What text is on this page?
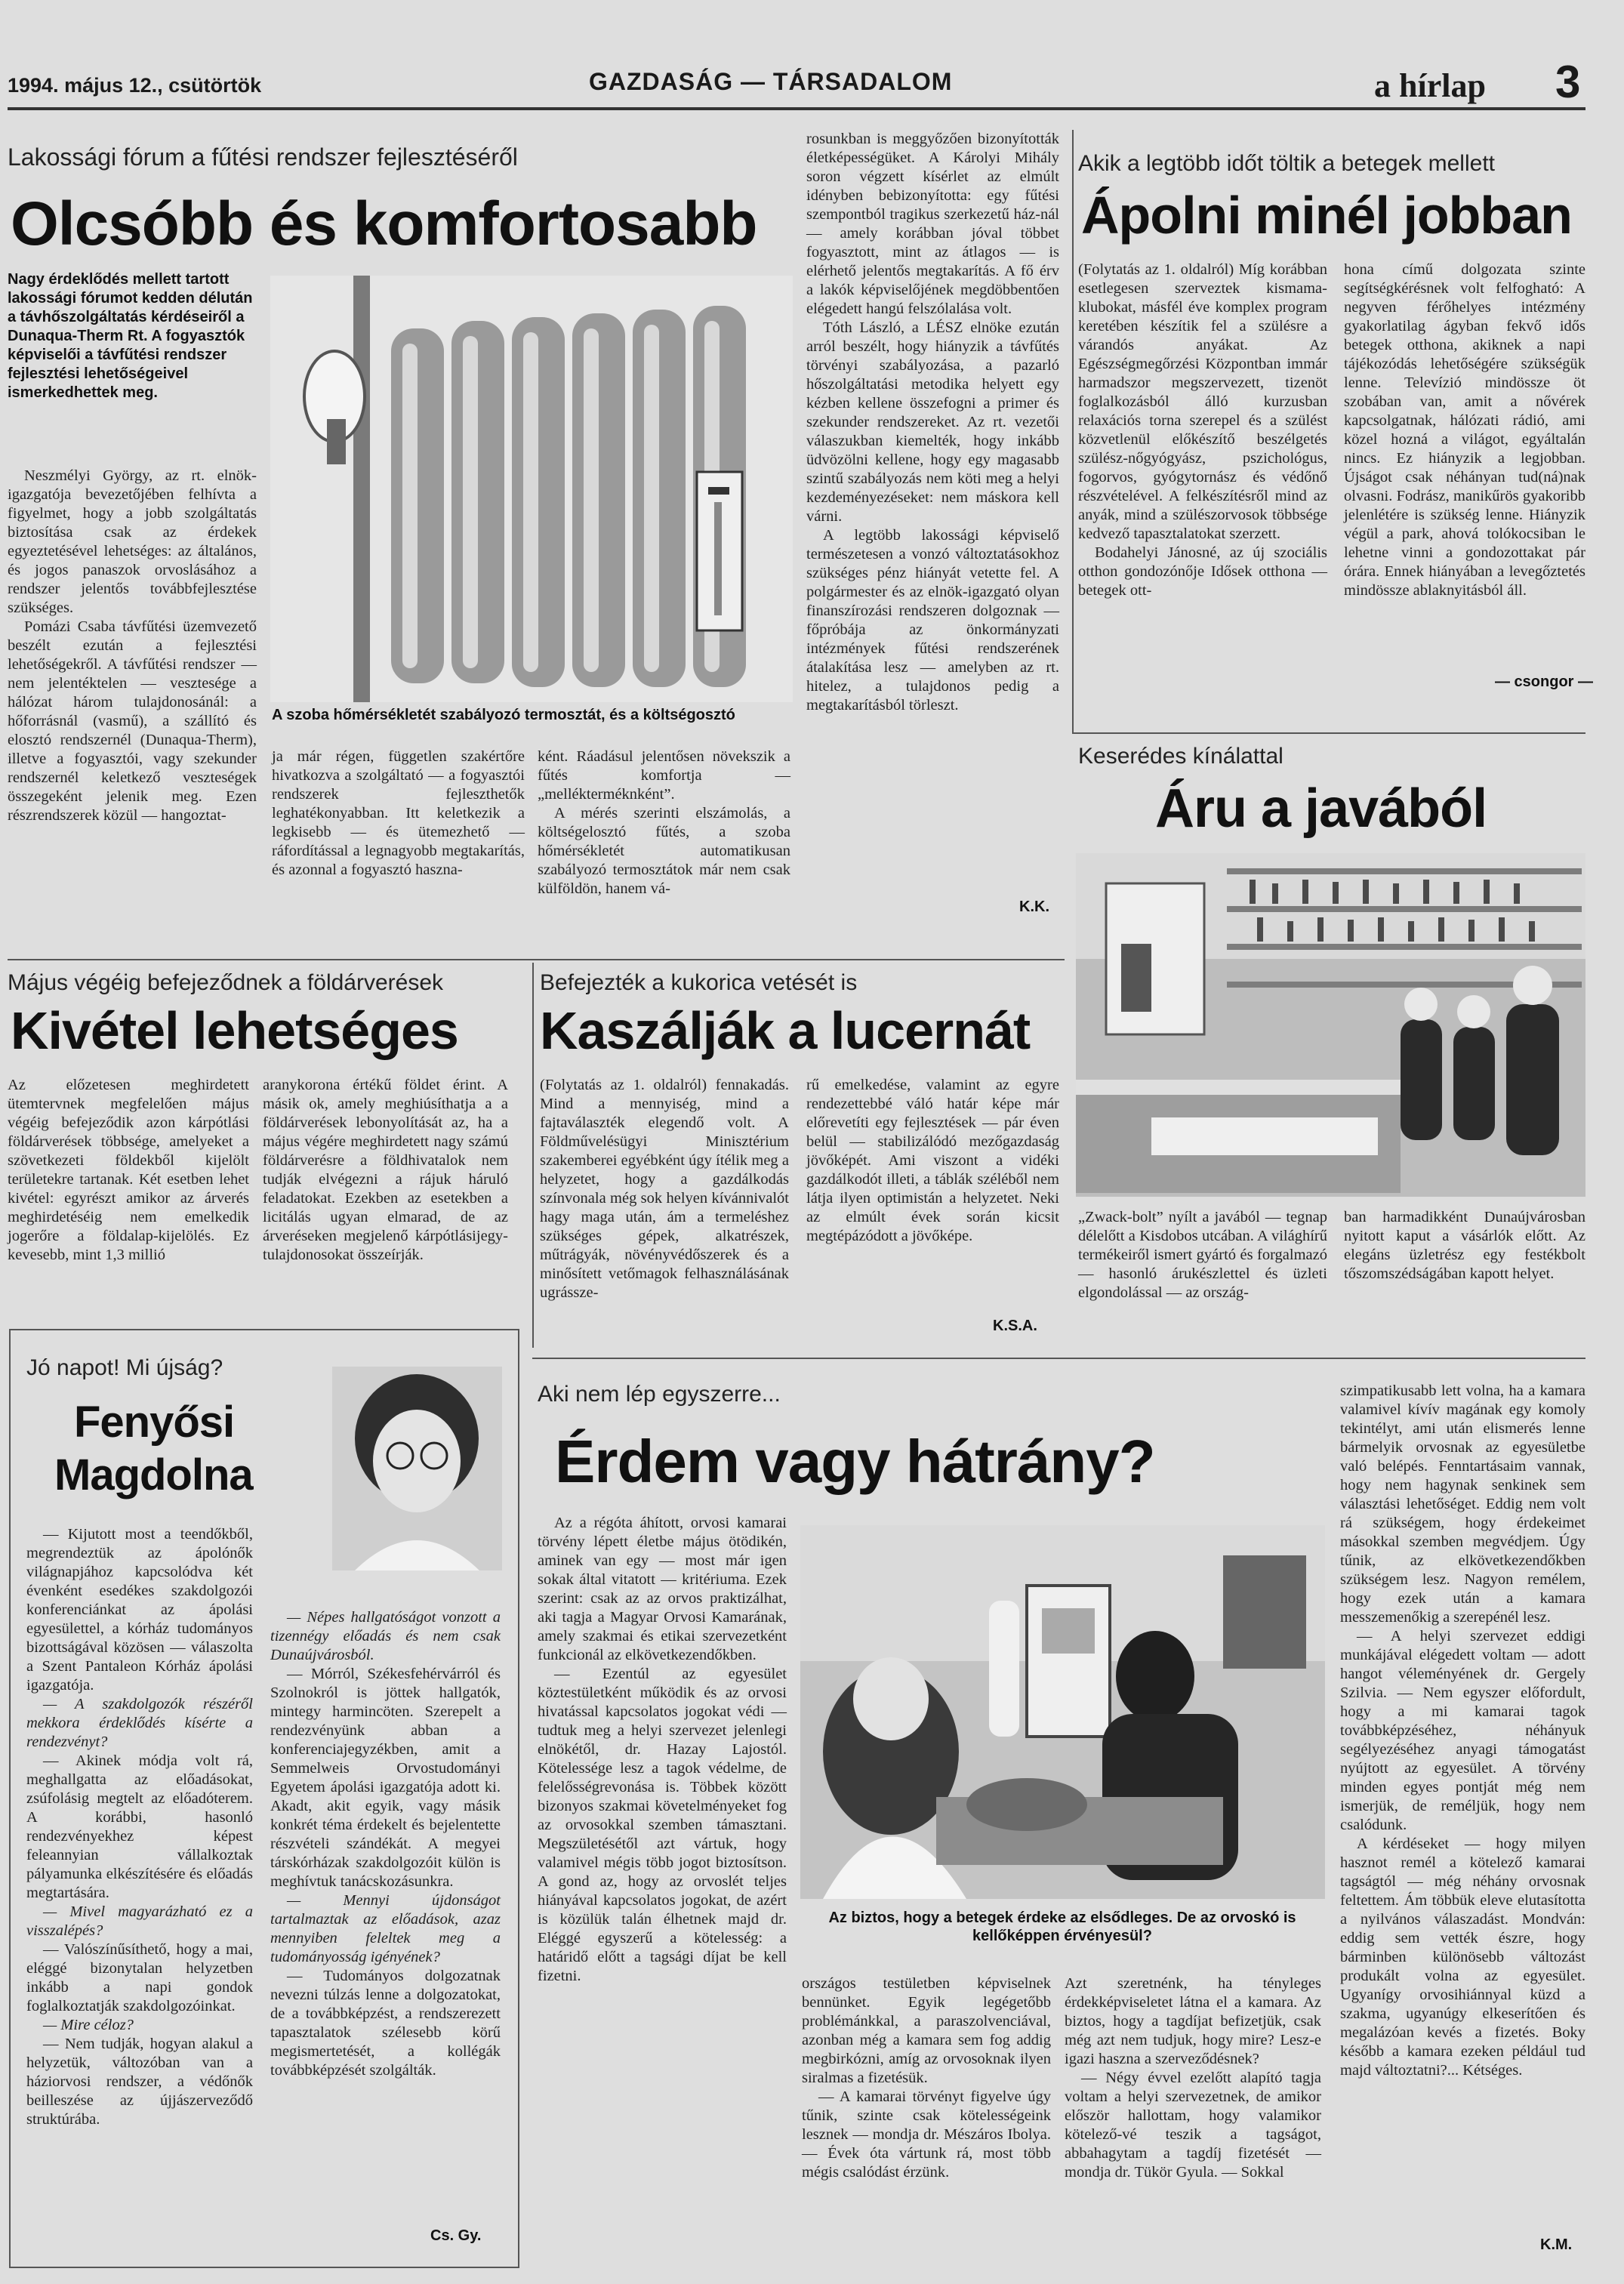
1994. május 12., csütörtök	GAZDASÁG — TÁRSADALOM	a hírlap 3
Lakossági fórum a fűtési rendszer fejlesztéséről
Olcsóbb és komfortosabb
Nagy érdeklődés mellett tartott lakossági fórumot kedden délután a távhőszolgáltatás kérdéseiről a Dunaqua-Therm Rt. A fogyasztók képviselői a távfűtési rendszer fejlesztési lehetőségeivel ismerkedhettek meg.
A szoba hőmérsékletét szabályozó termosztát, és a költségosztó

Neszmélyi György, az rt. elnök-igazgatója bevezetőjében felhívta a figyelmet, hogy a jobb szolgáltatás biztosítása csak az érdekek egyeztetésével lehetséges: az általános, és jogos panaszok orvoslásához a rendszer jelentős továbbfejlesztése szükséges.

Pomázi Csaba távfűtési üzemvezető beszélt ezután a fejlesztési lehetőségekről. A távfűtési rendszer — nem jelentéktelen — vesztesége a hálózat három tulajdonosánál: a hőforrásnál (vasmű), a szállító és elosztó rendszernél (Dunaqua-Therm), illetve a fogyasztói, vagy szekunder rendszernél keletkező veszteségek összegeként jelenik meg. Ezen részrendszerek közül — hangoztat-

ja már régen, független szakértőre hivatkozva a szolgáltató — a fogyasztói rendszerek fejleszthetők leghatékonyabban. Itt keletkezik a legkisebb — és ütemezhető — ráfordítással a legnagyobb megtakarítás, és azonnal a fogyasztó haszna-

ként. Ráadásul jelentősen növekszik a fűtés komfortja — „mellékterméknként”.

A mérés szerinti elszámolás, a költségelosztó fűtés, a szoba hőmérsékletét automatikusan szabályozó termosztátok már nem csak külföldön, hanem vá-

rosunkban is meggyőzően bizonyították életképességüket. A Károlyi Mihály soron végzett kísérlet az elmúlt idényben bebizonyította: egy fűtési szempontból tragikus szerkezetű ház-nál — amely korábban jóval többet fogyasztott, mint az átlagos — is elérhető jelentős megtakarítás. A fő érv a lakók képviselőjének megdöbbentően elégedett hangú felszólalása volt.

Tóth László, a LÉSZ elnöke ezután arról beszélt, hogy hiányzik a távfűtés törvényi szabályozása, a pazarló hőszolgáltatási metodika helyett egy kézben kellene összefogni a primer és szekunder rendszereket. Az rt. vezetői válaszukban kiemelték, hogy inkább üdvözölni kellene, hogy egy magasabb szintű szabályozás nem köti meg a helyi kezdeményezéseket: nem máskora kell várni.

A legtöbb lakossági képviselő természetesen a vonzó változtatásokhoz szükséges pénz hiányát vetette fel. A polgármester és az elnök-igazgató olyan finanszírozási rendszeren dolgoznak — főpróbája az önkormányzati intézmények fűtési rendszerének átalakítása lesz — amelyben az rt. hitelez, a tulajdonos pedig a megtakarításból törleszt.

K.K.
Akik a legtöbb időt töltik a betegek mellett
Ápolni minél jobban

(Folytatás az 1. oldalról) Míg korábban esetlegesen szerveztek kismama-klubokat, másfél éve komplex program keretében készítik fel a szülésre a várandós anyákat. Az Egészségmegőrzési Központban immár harmadszor megszervezett, tizenöt foglalkozásból álló kurzusban relaxációs torna szerepel és a szülést közvetlenül előkészítő beszélgetés szülész-nőgyógyász, pszichológus, fogorvos, gyógytornász és védőnő részvételével. A felkészítésről mind az anyák, mind a szülészorvosok többsége kedvező tapasztalatokat szerzett.

Bodahelyi Jánosné, az új szociális otthon gondozónője Idősek otthona — betegek ott-

hona című dolgozata szinte segítségkérésnek volt felfogható: A negyven férőhelyes intézmény gyakorlatilag ágyban fekvő idős betegek otthona, akiknek a napi tájékozódás lehetőségére szükségük lenne. Televízió mindössze öt szobában van, amit a nővérek kapcsolgatnak, hálózati rádió, ami közel hozná a világot, egyáltalán nincs. Ez hiányzik a legjobban. Újságot csak néhányan tud(ná)nak olvasni. Fodrász, manikűrös gyakoribb jelenlétére is szükség lenne. Hiányzik végül a park, ahová tolókocsiban le lehetne vinni a gondozottakat pár órára. Ennek hiányában a levegőztetés mindössze ablaknyitásból áll.
— csongor —
Keserédes kínálattal
Áru a javából
„Zwack-bolt” nyílt a javából — tegnap délelőtt a Kisdobos utcában. A világhírű termékeiről ismert gyártó és forgalmazó — hasonló árukészlettel és üzleti elgondolással — az ország-
ban harmadikként Dunaújvárosban nyitott kaput a vásárlók előtt. Az elegáns üzletrész egy festékbolt tőszomszédságában kapott helyet.
Május végéig befejeződnek a földárverések
Kivétel lehetséges
Az előzetesen meghirdetett ütemtervnek megfelelően május végéig befejeződik azon kárpótlási földárverések többsége, amelyeket a szövetkezeti földekből kijelölt területekre tartanak. Két esetben lehet kivétel: egyrészt amikor az árverés meghirdetéséig nem emelkedik jogerőre a földalap-kijelölés. Ez kevesebb, mint 1,3 millió
aranykorona értékű földet érint. A másik ok, amely meghiúsíthatja a a földárverések lebonyolítását az, ha a május végére meghirdetett nagy számú földárverésre a földhivatalok nem tudják elvégezni a rájuk háruló feladatokat. Ezekben az esetekben a licitálás ugyan elmarad, de az árveréseken megjelenő kárpótlásijegy-tulajdonosokat összeírják.
Befejezték a kukorica vetését is
Kaszálják a lucernát
(Folytatás az 1. oldalról) fennakadás. Mind a mennyiség, mind a fajtaválaszték elegendő volt. A Földművelésügyi Minisztérium szakemberei egyébként úgy ítélik meg a helyzetet, hogy a gazdálkodás színvonala még sok helyen kívánnivalót hagy maga után, ám a termeléshez szükséges gépek, alkatrészek, műtrágyák, növényvédőszerek és a minősített vetőmagok felhasználásának ugrássze-
rű emelkedése, valamint az egyre rendezettebbé váló határ képe már előrevetíti egy fejlesztések — pár éven belül — stabilizálódó mezőgazdaság jövőképét. Ami viszont a vidéki gazdálkodót illeti, a táblák széléből nem látja ilyen optimistán a helyzetet. Neki az elmúlt évek során kicsit megtépázódott a jövőképe.
K.S.A.
Jó napot! Mi újság?
Fenyősi
Magdolna

— Kijutott most a teendőkből, megrendeztük az ápolónők világnapjához kapcsolódva két évenként esedékes szakdolgozói konferenciánkat az ápolási egyesülettel, a kórház tudományos bizottságával közösen — válaszolta a Szent Pantaleon Kórház ápolási igazgatója.

— A szakdolgozók részéről mekkora érdeklődés kísérte a rendezvényt?

— Akinek módja volt rá, meghallgatta az előadásokat, zsúfolásig megtelt az előadóterem. A korábbi, hasonló rendezvényekhez képest feleannyian vállalkoztak pályamunka elkészítésére és előadás megtartására.

— Mivel magyarázható ez a visszalépés?

— Valószínűsíthető, hogy a mai, eléggé bizonytalan helyzetben inkább a napi gondok foglalkoztatják szakdolgozóinkat.

— Mire céloz?

— Nem tudják, hogyan alakul a helyzetük, változóban van a háziorvosi rendszer, a védőnők beilleszése az újjászerveződő struktúrába.

— Népes hallgatóságot vonzott a tizennégy előadás és nem csak Dunaújvárosból.

— Mórról, Székesfehérvárról és Szolnokról is jöttek hallgatók, mintegy harmincöten. Szerepelt a rendezvényünk abban a konferenciajegyzékben, amit a Semmelweis Orvostudományi Egyetem ápolási igazgatója adott ki. Akadt, akit egyik, vagy másik konkrét téma érdekelt és bejelentette részvételi szándékát. A megyei társkórházak szakdolgozóit külön is meghívtuk tanácskozásunkra.

— Mennyi újdonságot tartalmaztak az előadások, azaz mennyiben feleltek meg a tudományosság igényének?

— Tudományos dolgozatnak nevezni túlzás lenne a dolgozatokat, de a továbbképzést, a rendszerezett tapasztalatok szélesebb körű megismertetését, a kollégák továbbképzését szolgálták.

Cs. Gy.
Aki nem lép egyszerre...
Érdem vagy hátrány?

Az a régóta áhított, orvosi kamarai törvény lépett életbe május ötödikén, aminek van egy — most már igen sokak által vitatott — kritériuma. Ezek szerint: csak az az orvos praktizálhat, aki tagja a Magyar Orvosi Kamarának, amely szakmai és etikai szervezetként funkcionál az elkövetkezendőkben.

— Ezentúl az egyesület köztestületként működik és az orvosi hivatással kapcsolatos jogokat védi — tudtuk meg a helyi szervezet jelenlegi elnökétől, dr. Hazay Lajostól. Kötelessége lesz a tagok védelme, de felelősségrevonása is. Többek között bizonyos szakmai követelményeket fog az orvosokkal szemben támasztani. Megszületésétől azt vártuk, hogy valamivel mégis több jogot biztosítson. A gond az, hogy az orvoslét teljes hiányával kapcsolatos jogokat, de azért is közülük talán élhetnek majd dr. Eléggé egyszerű a kötelesség: a határidő előtt a tagsági díjat be kell fizetni.

Az biztos, hogy a betegek érdeke az elsődleges. De az orvoskó is kellőképpen érvényesül?

országos testületben képviselnek bennünket. Egyik legégetőbb problémánkkal, a paraszolvenciával, azonban még a kamara sem fog addig megbirkózni, amíg az orvosoknak ilyen siralmas a fizetésük.

— A kamarai törvényt figyelve úgy tűnik, szinte csak kötelességeink lesznek — mondja dr. Mészáros Ibolya. — Évek óta vártunk rá, most több mégis csalódást érzünk.

Azt szeretnénk, ha tényleges érdekképviseletet látna el a kamara. Az biztos, hogy a tagdíjat befizetjük, csak még azt nem tudjuk, hogy mire? Lesz-e igazi haszna a szerveződésnek?

— Négy évvel ezelőtt alapító tagja voltam a helyi szervezetnek, de amikor először hallottam, hogy valamikor kötelező-vé teszik a tagságot, abbahagytam a tagdíj fizetését — mondja dr. Tükör Gyula. — Sokkal

szimpatikusabb lett volna, ha a kamara valamivel kívív magának egy komoly tekintélyt, ami után elismerés lenne bármelyik orvosnak az egyesületbe való belépés. Fenntartásaim vannak, hogy nem hagynak senkinek sem választási lehetőséget. Eddig nem volt rá szükségem, hogy érdekeimet másokkal szemben megvédjem. Úgy tűnik, az elkövetkezendőkben szükségem lesz. Nagyon remélem, hogy ezek után a kamara messzemenőkig a szerepénél lesz.

— A helyi szervezet eddigi munkájával elégedett voltam — adott hangot véleményének dr. Gergely Szilvia. — Nem egyszer előfordult, hogy a mi kamarai tagok továbbképzéséhez, néhányuk segélyezéséhez anyagi támogatást nyújtott az egyesület. A törvény minden egyes pontját még nem ismerjük, de reméljük, hogy nem csalódunk.

A kérdéseket — hogy milyen hasznot remél a kötelező kamarai tagságtól — még néhány orvosnak feltettem. Ám többük eleve elutasította a nyilvános válaszadást. Mondván: eddig sem vették észre, hogy bárminben különösebb változást produkált volna az egyesület. Ugyanígy orvosihiánnyal küzd a szakma, ugyanúgy elkeserítően és megalázóan kevés a fizetés. Boky később a kamara ezeken például tud majd változtatni?... Kétséges.

K.M.
